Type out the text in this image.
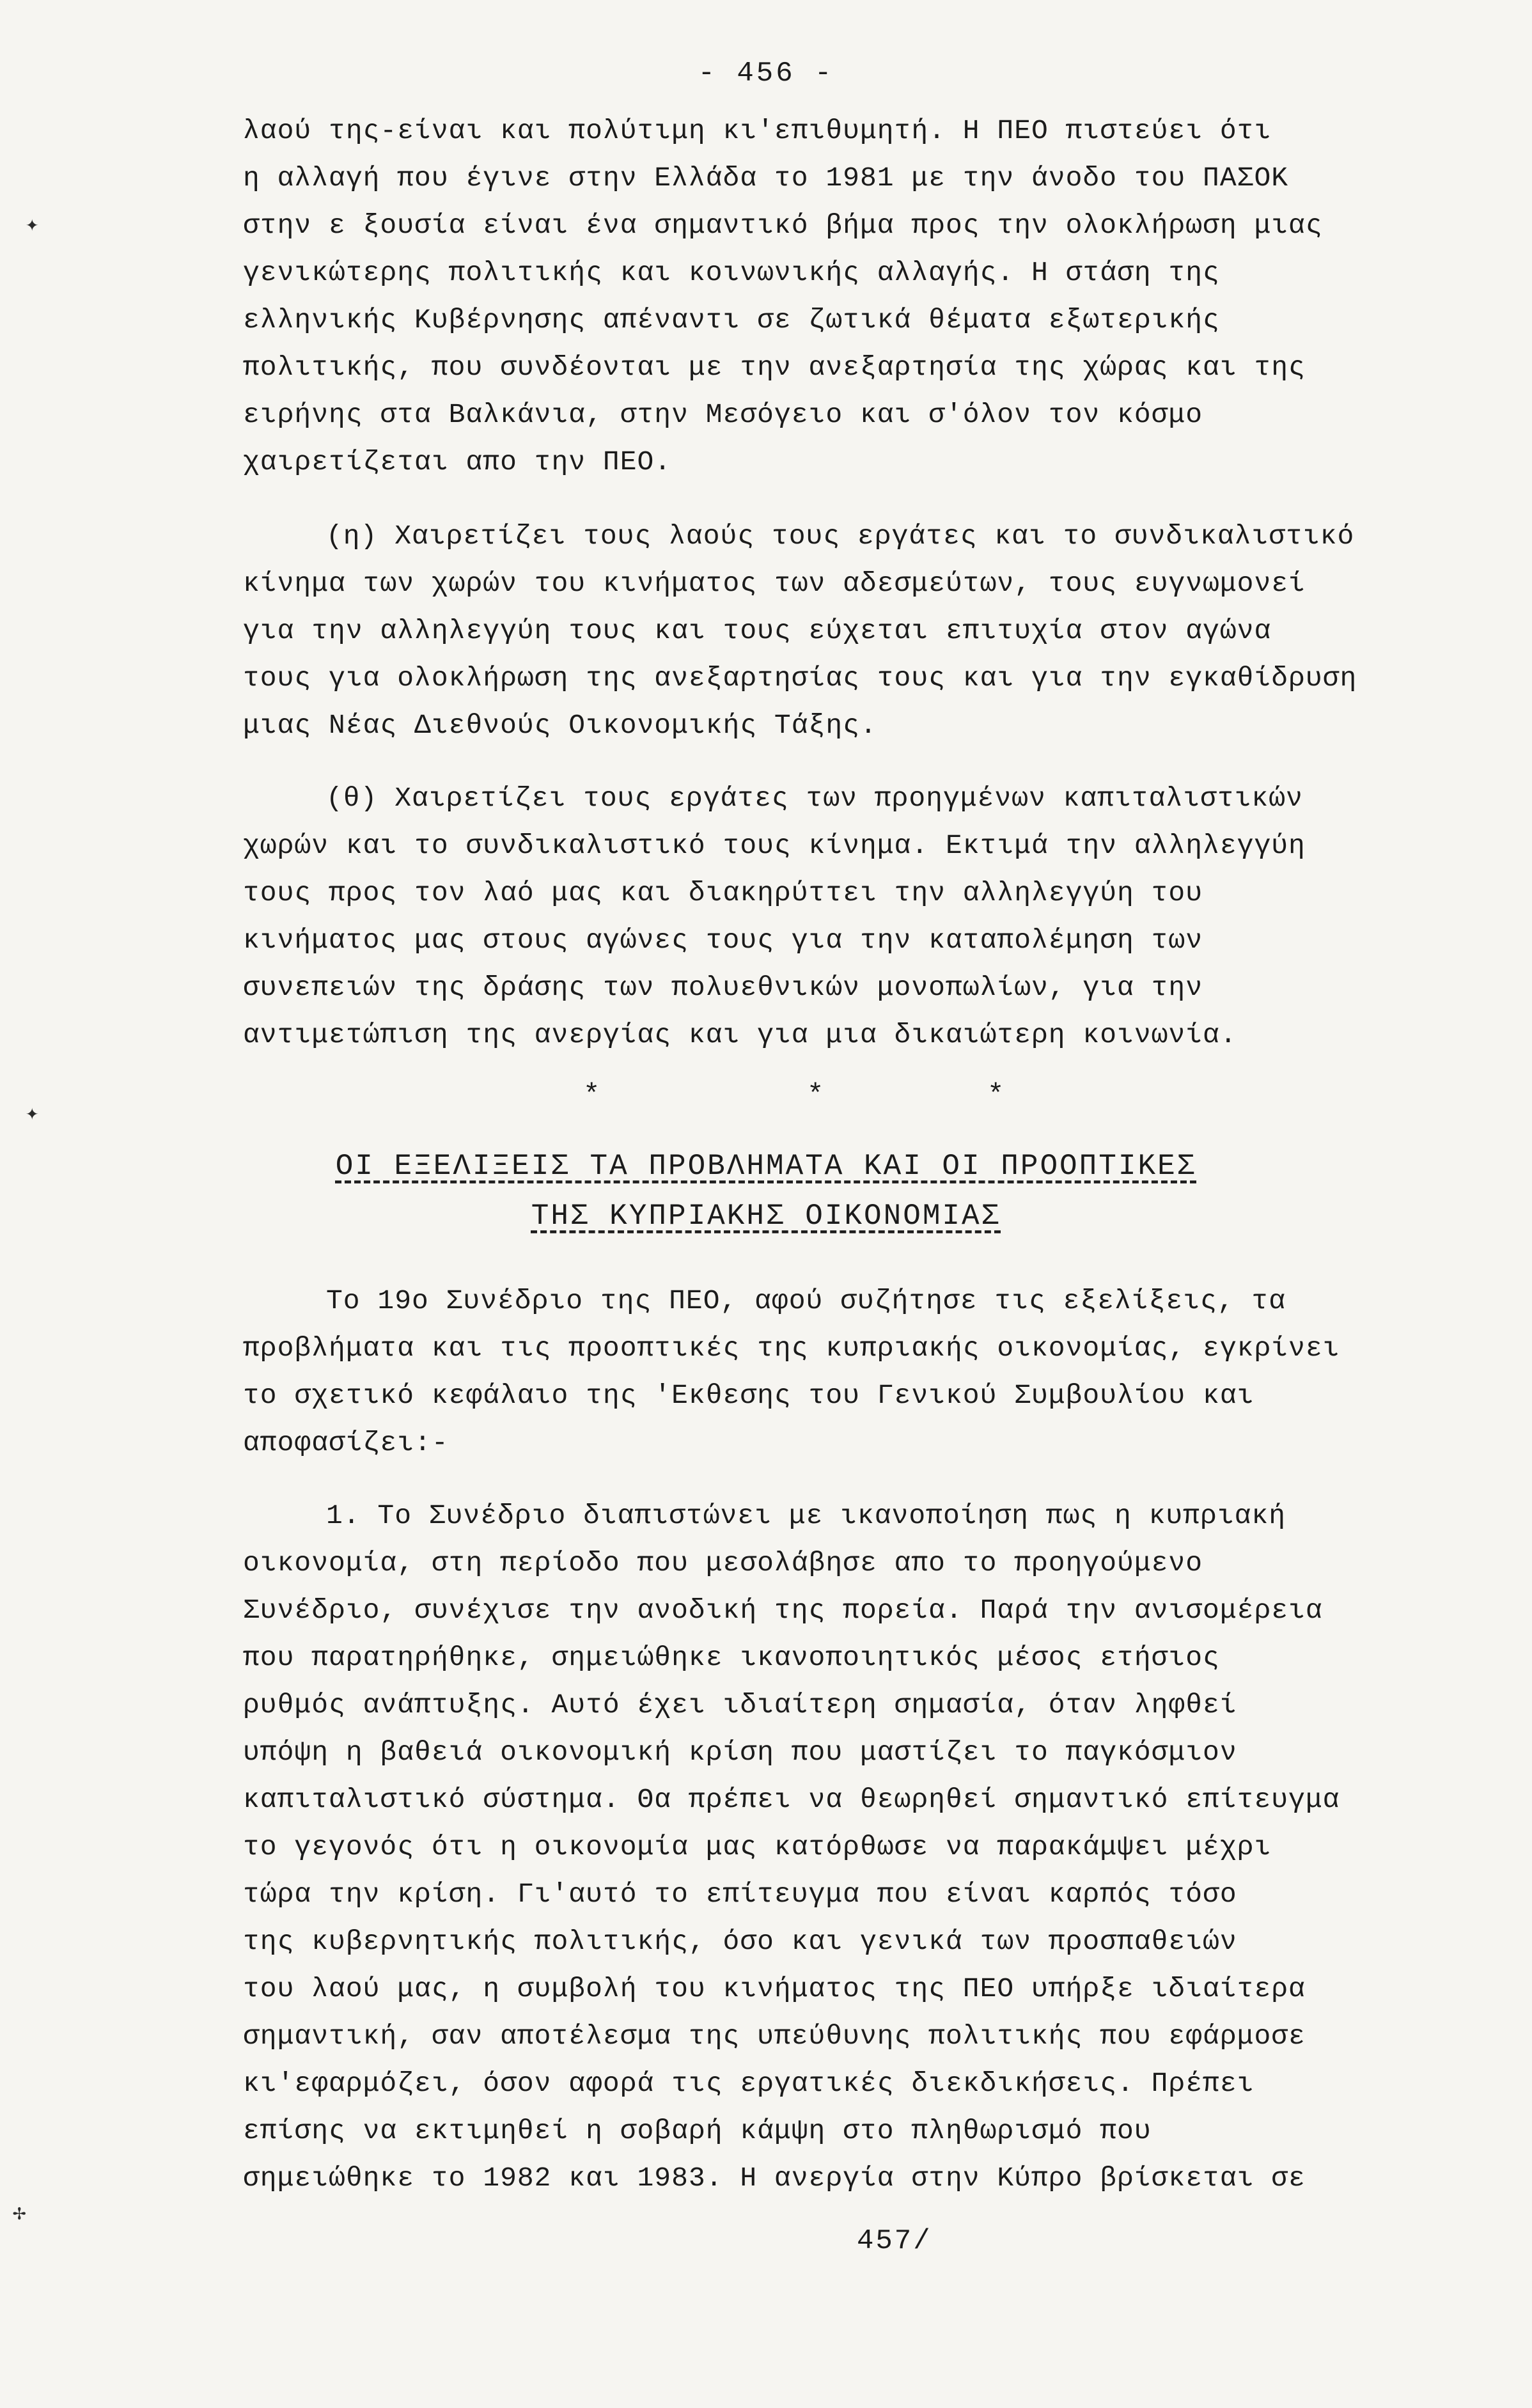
- 456 -
✦
✦
✢
λαού της-είναι και πολύτιμη κι'επιθυμητή. Η ΠΕΟ πιστεύει ότι
η αλλαγή που έγινε στην Ελλάδα το 1981 με την άνοδο του ΠΑΣΟΚ
στην ε ξουσία είναι ένα σημαντικό βήμα προς την ολοκλήρωση μιας
γενικώτερης πολιτικής και κοινωνικής αλλαγής. Η στάση της
ελληνικής Κυβέρνησης απέναντι σε ζωτικά θέματα εξωτερικής
πολιτικής, που συνδέονται με την ανεξαρτησία της χώρας και της
ειρήνης στα Βαλκάνια, στην Μεσόγειο και σ'όλον τον κόσμο
χαιρετίζεται απο την ΠΕΟ.
(η) Χαιρετίζει τους λαούς τους εργάτες και το συνδικαλιστικό
κίνημα των χωρών του κινήματος των αδεσμεύτων, τους ευγνωμονεί
για την αλληλεγγύη τους και τους εύχεται επιτυχία στον αγώνα
τους για ολοκλήρωση της ανεξαρτησίας τους και για την εγκαθίδρυση
μιας Νέας Διεθνούς Οικονομικής Τάξης.
(θ) Χαιρετίζει τους εργάτες των προηγμένων καπιταλιστικών
χωρών και το συνδικαλιστικό τους κίνημα. Εκτιμά την αλληλεγγύη
τους προς τον λαό μας και διακηρύττει την αλληλεγγύη του
κινήματος μας στους αγώνες τους για την καταπολέμηση των
συνεπειών της δράσης των πολυεθνικών μονοπωλίων, για την
αντιμετώπιση της ανεργίας και για μια δικαιώτερη κοινωνία.
*	*	*
ΟΙ ΕΞΕΛΙΞΕΙΣ ΤΑ ΠΡΟΒΛΗΜΑΤΑ ΚΑΙ ΟΙ ΠΡΟΟΠΤΙΚΕΣ
ΤΗΣ ΚΥΠΡΙΑΚΗΣ ΟΙΚΟΝΟΜΙΑΣ
Το 19ο Συνέδριο της ΠΕΟ, αφού συζήτησε τις εξελίξεις, τα
προβλήματα και τις προοπτικές της κυπριακής οικονομίας, εγκρίνει
το σχετικό κεφάλαιο της 'Εκθεσης του Γενικού Συμβουλίου και
αποφασίζει:-
1. Το Συνέδριο διαπιστώνει με ικανοποίηση πως η κυπριακή
οικονομία, στη περίοδο που μεσολάβησε απο το προηγούμενο
Συνέδριο, συνέχισε την ανοδική της πορεία. Παρά την ανισομέρεια
που παρατηρήθηκε, σημειώθηκε ικανοποιητικός μέσος ετήσιος
ρυθμός ανάπτυξης. Αυτό έχει ιδιαίτερη σημασία, όταν ληφθεί
υπόψη η βαθειά οικονομική κρίση που μαστίζει το παγκόσμιον
καπιταλιστικό σύστημα. Θα πρέπει να θεωρηθεί σημαντικό επίτευγμα
το γεγονός ότι η οικονομία μας κατόρθωσε να παρακάμψει μέχρι
τώρα την κρίση. Γι'αυτό το επίτευγμα που είναι καρπός τόσο
της κυβερνητικής πολιτικής, όσο και γενικά των προσπαθειών
του λαού μας, η συμβολή του κινήματος της ΠΕΟ υπήρξε ιδιαίτερα
σημαντική, σαν αποτέλεσμα της υπεύθυνης πολιτικής που εφάρμοσε
κι'εφαρμόζει, όσον αφορά τις εργατικές διεκδικήσεις. Πρέπει
επίσης να εκτιμηθεί η σοβαρή κάμψη στο πληθωρισμό που
σημειώθηκε το 1982 και 1983. Η ανεργία στην Κύπρο βρίσκεται σε
457/
